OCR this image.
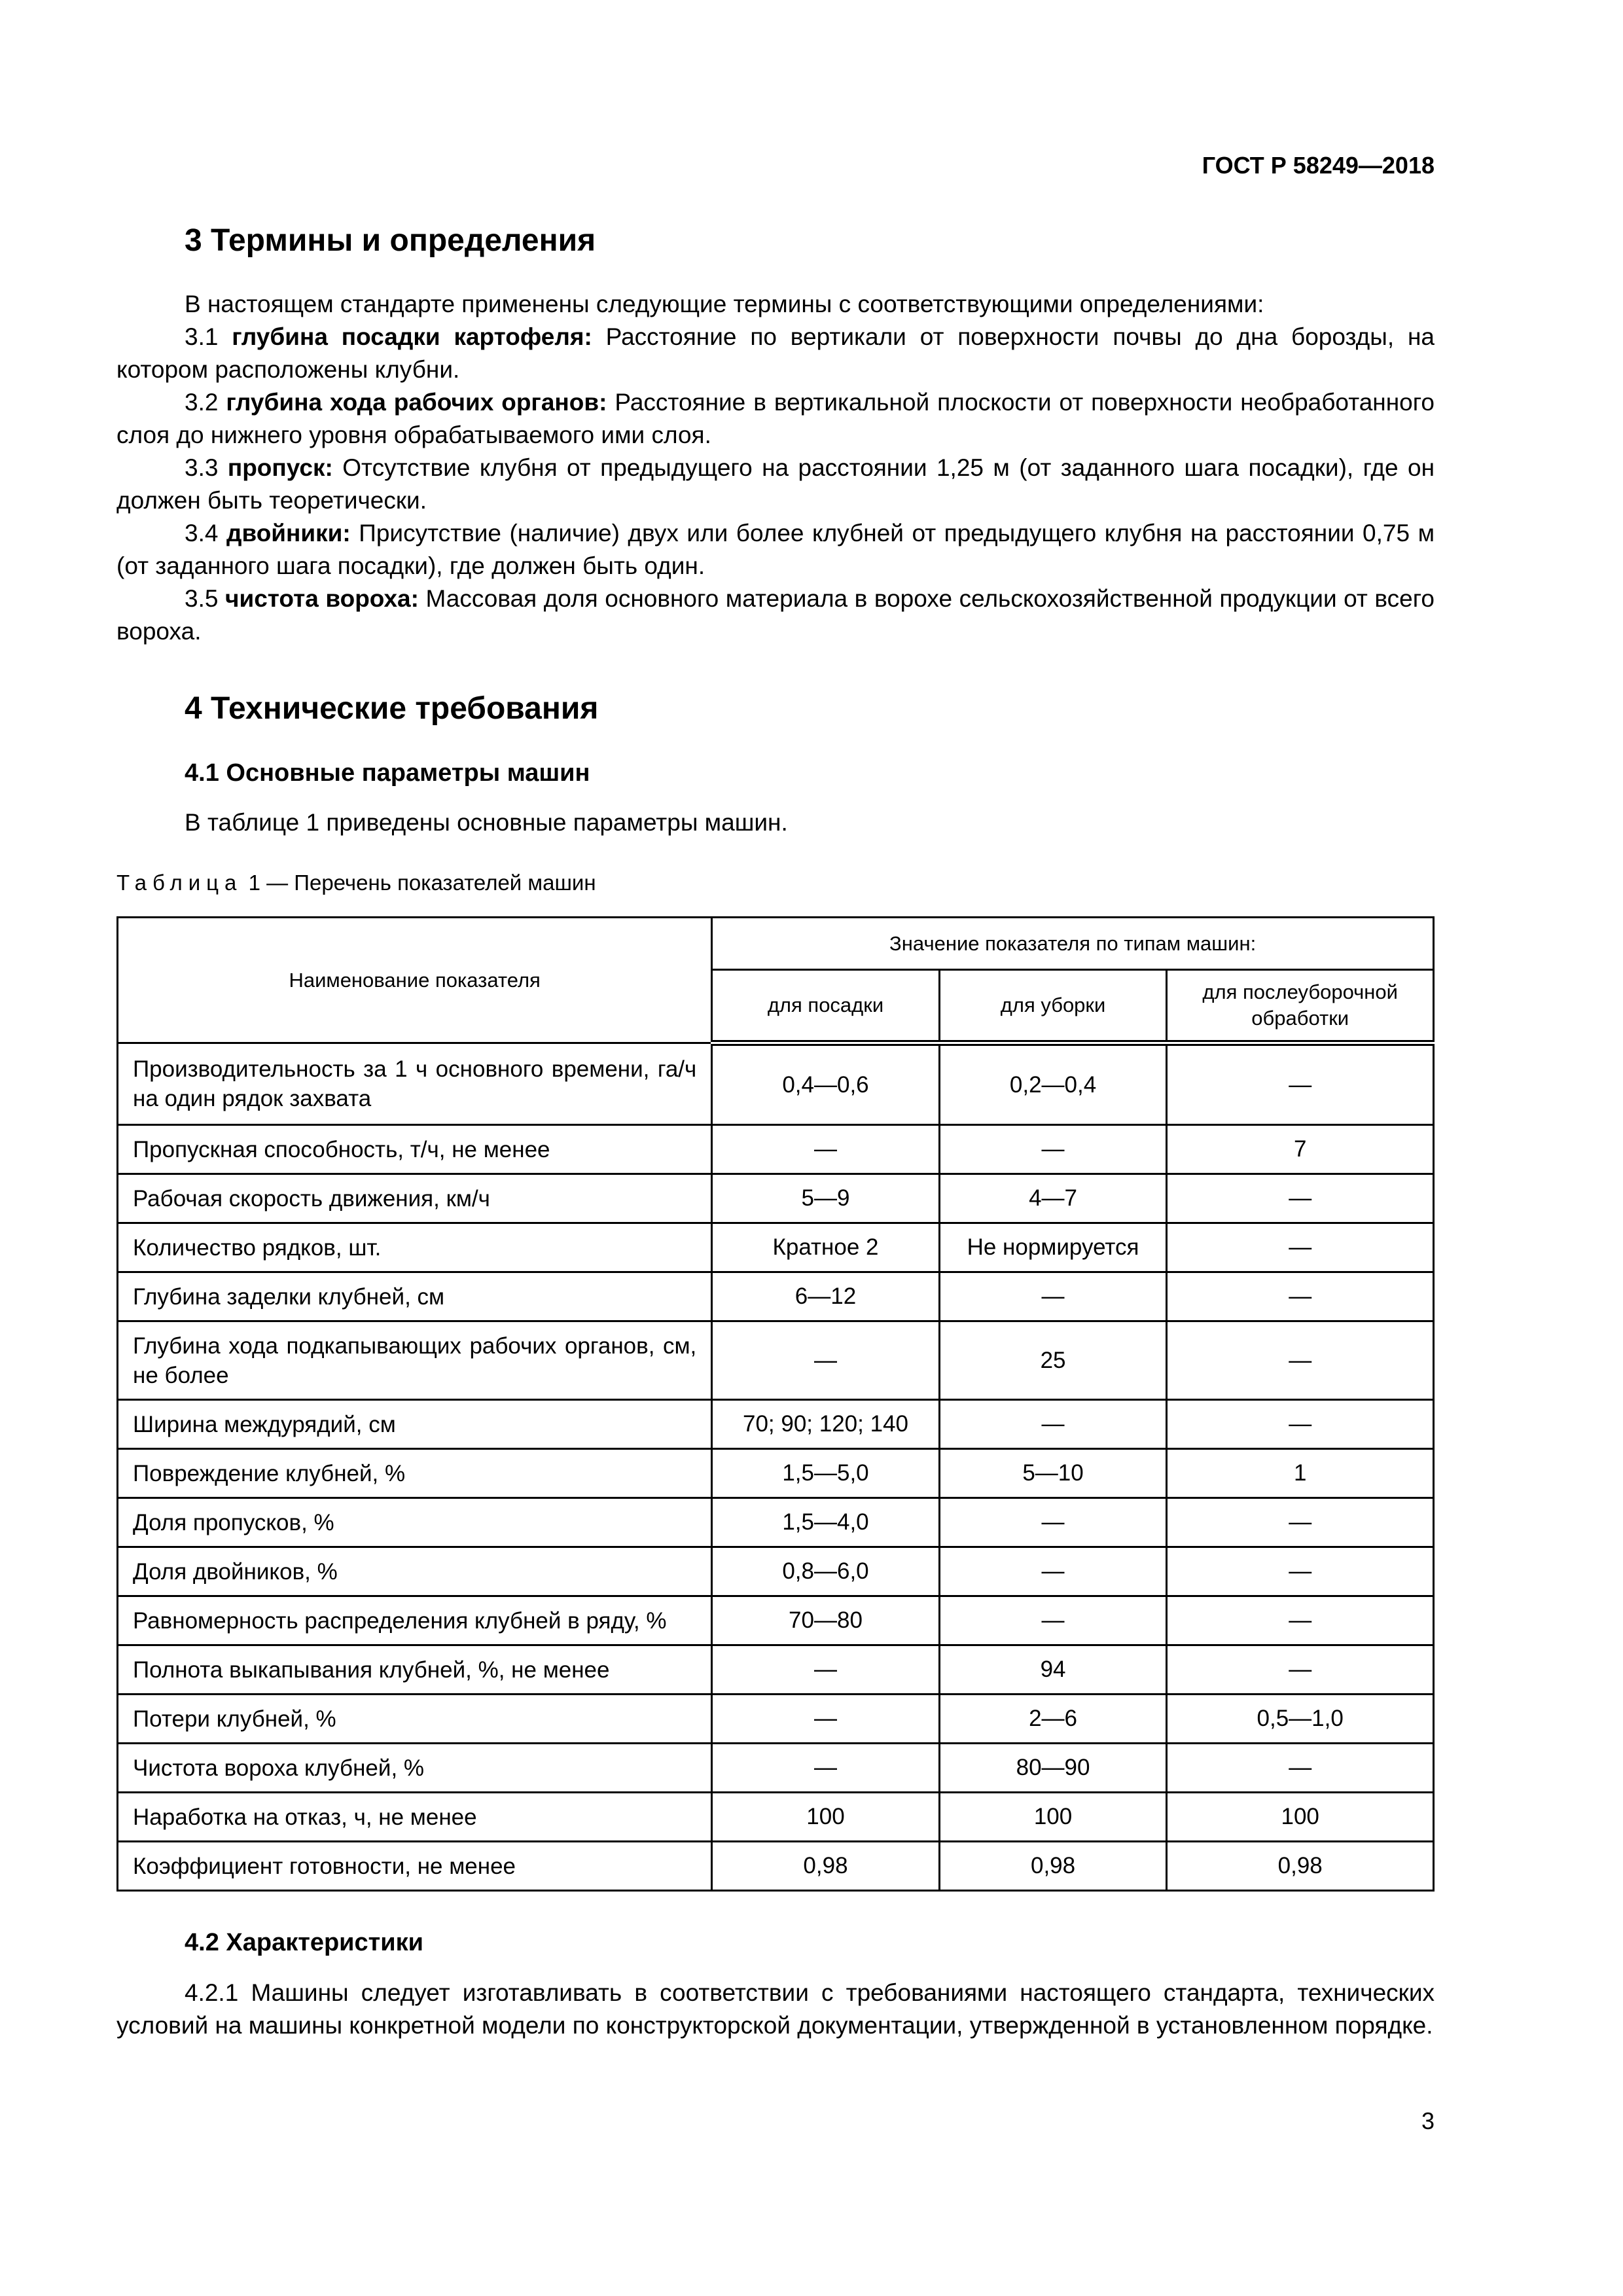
ГОСТ Р 58249—2018
3 Термины и определения
В настоящем стандарте применены следующие термины с соответствующими определениями:
3.1 глубина посадки картофеля: Расстояние по вертикали от поверхности почвы до дна борозды, на котором расположены клубни.
3.2 глубина хода рабочих органов: Расстояние в вертикальной плоскости от поверхности необработанного слоя до нижнего уровня обрабатываемого ими слоя.
3.3 пропуск: Отсутствие клубня от предыдущего на расстоянии 1,25 м (от заданного шага посадки), где он должен быть теоретически.
3.4 двойники: Присутствие (наличие) двух или более клубней от предыдущего клубня на расстоянии 0,75 м (от заданного шага посадки), где должен быть один.
3.5 чистота вороха: Массовая доля основного материала в ворохе сельскохозяйственной продукции от всего вороха.
4 Технические требования
4.1 Основные параметры машин
В таблице 1 приведены основные параметры машин.
Таблица 1 — Перечень показателей машин
Наименование показателя	Значение показателя по типам машин:		
	для посадки	для уборки	для послеуборочной обработки

Производительность за 1 ч основного времени, га/ч на один рядок захвата	0,4—0,6	0,2—0,4	—
Пропускная способность, т/ч, не менее	—	—	7
Рабочая скорость движения, км/ч	5—9	4—7	—
Количество рядков, шт.	Кратное 2	Не нормируется	—
Глубина заделки клубней, см	6—12	—	—

Глубина хода подкапывающих рабочих органов, см, не более	—	25	—
Ширина междурядий, см	70; 90; 120; 140	—	—
Повреждение клубней, %	1,5—5,0	5—10	1
Доля пропусков, %	1,5—4,0	—	—
Доля двойников, %	0,8—6,0	—	—
Равномерность распределения клубней в ряду, %	70—80	—	—
Полнота выкапывания клубней, %, не менее	—	94	—
Потери клубней, %	—	2—6	0,5—1,0
Чистота вороха клубней, %	—	80—90	—
Наработка на отказ, ч, не менее	100	100	100
Коэффициент готовности, не менее	0,98	0,98	0,98
4.2 Характеристики
4.2.1 Машины следует изготавливать в соответствии с требованиями настоящего стандарта, технических условий на машины конкретной модели по конструкторской документации, утвержденной в установленном порядке.
3
